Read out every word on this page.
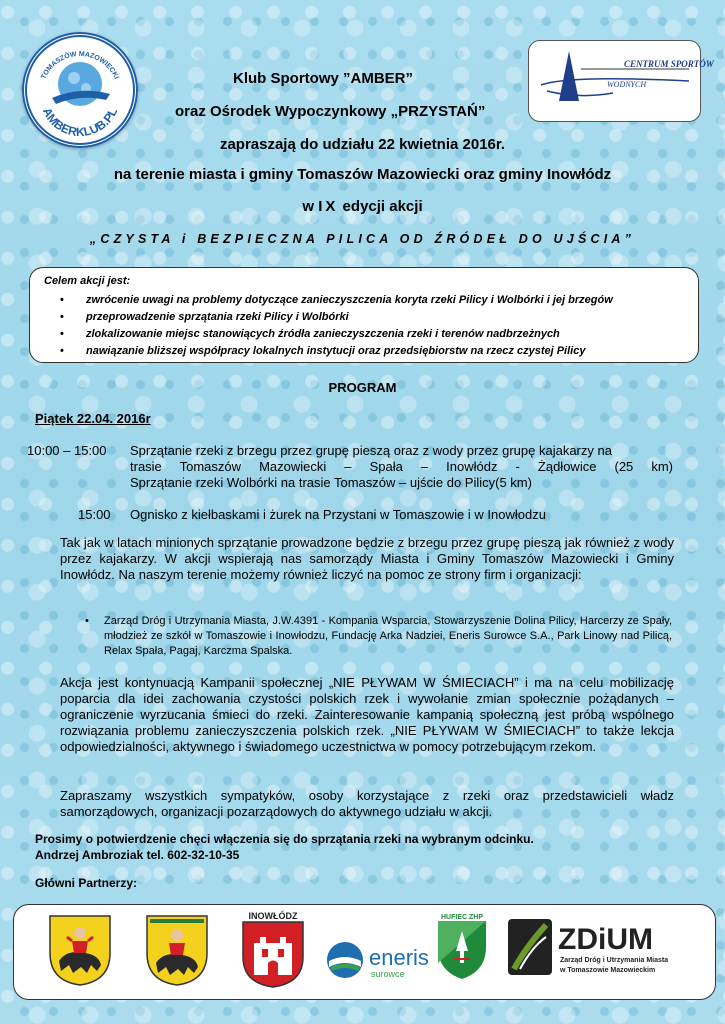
TOMASZÓW MAZOWIECKI
AMBERKLUB.PL
CENTRUM SPORTÓW
WODNYCH
Klub Sportowy ”AMBER”
oraz Ośrodek Wypoczynkowy „PRZYSTAŃ”
zapraszają do udziału 22 kwietnia 2016r.
na terenie miasta i gminy Tomaszów Mazowiecki oraz gminy Inowłódz
w IX edycji akcji
„CZYSTA i BEZPIECZNA PILICA OD ŹRÓDEŁ DO UJŚCIA”
Celem akcji jest:
• zwrócenie uwagi na problemy dotyczące zanieczyszczenia koryta rzeki Pilicy i Wolbórki i jej brzegów
• przeprowadzenie sprzątania rzeki Pilicy i Wolbórki
• zlokalizowanie miejsc stanowiących źródła zanieczyszczenia rzeki i terenów nadbrzeżnych
• nawiązanie bliższej współpracy lokalnych instytucji oraz przedsiębiorstw na rzecz czystej Pilicy
PROGRAM
Piątek 22.04. 2016r
10:00 – 15:00 Sprzątanie rzeki z brzegu przez grupę pieszą oraz z wody przez grupę kajakarzy na
trasie Tomaszów Mazowiecki – Spała – Inowłódz - Żądłowice (25 km)
Sprzątanie rzeki Wolbórki na trasie Tomaszów – ujście do Pilicy(5 km)
15:00 Ognisko z kiełbaskami i żurek na Przystani w Tomaszowie i w Inowłodzu
Tak jak w latach minionych sprzątanie prowadzone będzie z brzegu przez grupę pieszą jak również z wody przez kajakarzy. W akcji wspierają nas samorządy Miasta i Gminy Tomaszów Mazowiecki i Gminy Inowłódz. Na naszym terenie możemy również liczyć na pomoc ze strony firm i organizacji:
• Zarząd Dróg i Utrzymania Miasta, J.W.4391 - Kompania Wsparcia, Stowarzyszenie Dolina Pilicy, Harcerzy ze Spały, młodzież ze szkół w Tomaszowie i Inowłodzu, Fundację Arka Nadziei, Eneris Surowce S.A., Park Linowy nad Pilicą, Relax Spała, Pagaj, Karczma Spalska.
Akcja jest kontynuacją Kampanii społecznej „NIE PŁYWAM W ŚMIECIACH” i ma na celu mobilizację poparcia dla idei zachowania czystości polskich rzek i wywołanie zmian społecznie pożądanych – ograniczenie wyrzucania śmieci do rzeki. Zainteresowanie kampanią społeczną jest próbą wspólnego rozwiązania problemu zanieczyszczenia polskich rzek. „NIE PŁYWAM W ŚMIECIACH” to także lekcja odpowiedzialności, aktywnego i świadomego uczestnictwa w pomocy potrzebującym rzekom.
Zapraszamy wszystkich sympatyków, osoby korzystające z rzeki oraz przedstawicieli władz samorządowych, organizacji pozarządowych do aktywnego udziału w akcji.
Prosimy o potwierdzenie chęci włączenia się do sprzątania rzeki na wybranym odcinku.
Andrzej Ambroziak tel. 602-32-10-35
Główni Partnerzy:
INOWŁÓDZ
eneris
surowce
HUFIEC ZHP
ZDiUM
Zarząd Dróg i Utrzymania Miasta
w Tomaszowie Mazowieckim
